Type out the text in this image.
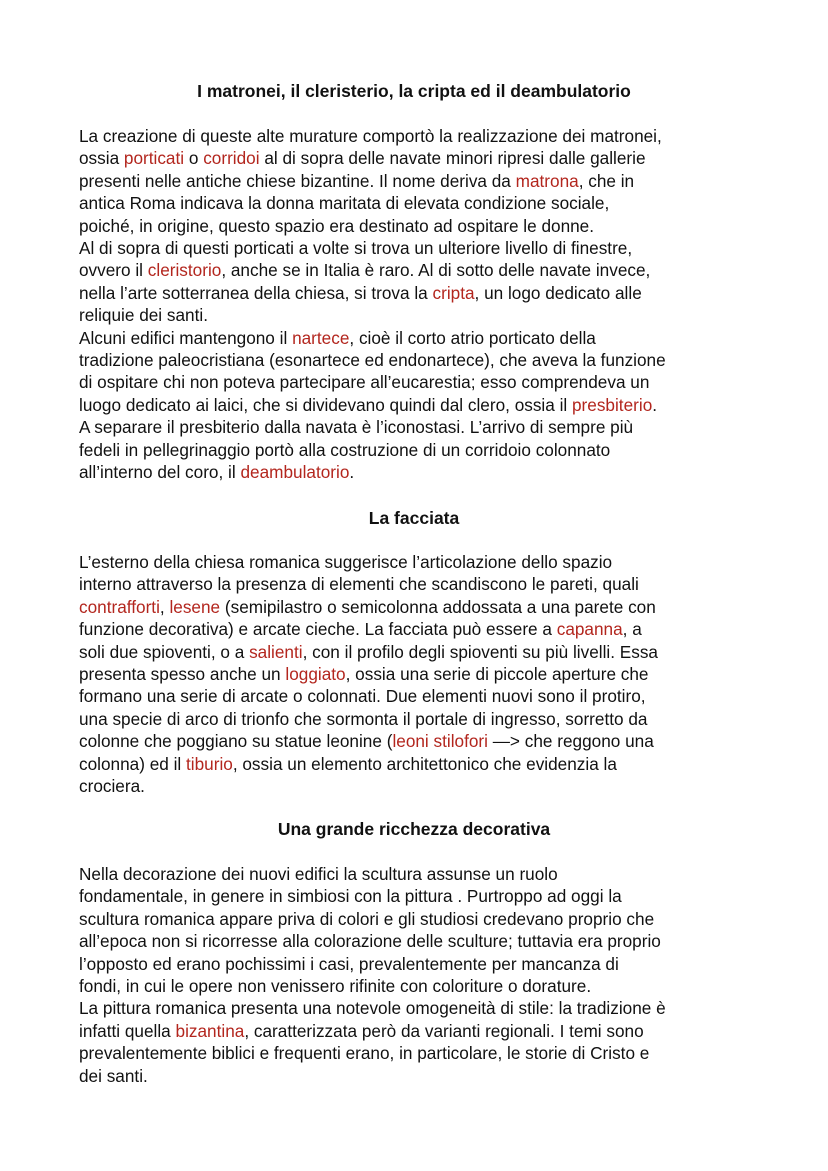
I matronei, il cleristerio, la cripta ed il deambulatorio
La creazione di queste alte murature comportò la realizzazione dei matronei,
ossia porticati o corridoi al di sopra delle navate minori ripresi dalle gallerie
presenti nelle antiche chiese bizantine. Il nome deriva da matrona, che in
antica Roma indicava la donna maritata di elevata condizione sociale,
poiché, in origine, questo spazio era destinato ad ospitare le donne.
Al di sopra di questi porticati a volte si trova un ulteriore livello di finestre,
ovvero il cleristorio, anche se in Italia è raro. Al di sotto delle navate invece,
nella l’arte sotterranea della chiesa, si trova la cripta, un logo dedicato alle
reliquie dei santi.
Alcuni edifici mantengono il nartece, cioè il corto atrio porticato della
tradizione paleocristiana (esonartece ed endonartece), che aveva la funzione
di ospitare chi non poteva partecipare all’eucarestia; esso comprendeva un
luogo dedicato ai laici, che si dividevano quindi dal clero, ossia il presbiterio.
A separare il presbiterio dalla navata è l’iconostasi. L’arrivo di sempre più
fedeli in pellegrinaggio portò alla costruzione di un corridoio colonnato
all’interno del coro, il deambulatorio.
La facciata
L’esterno della chiesa romanica suggerisce l’articolazione dello spazio
interno attraverso la presenza di elementi che scandiscono le pareti, quali
contrafforti, lesene (semipilastro o semicolonna addossata a una parete con
funzione decorativa) e arcate cieche. La facciata può essere a capanna, a
soli due spioventi, o a salienti, con il profilo degli spioventi su più livelli. Essa
presenta spesso anche un loggiato, ossia una serie di piccole aperture che
formano una serie di arcate o colonnati. Due elementi nuovi sono il protiro,
una specie di arco di trionfo che sormonta il portale di ingresso, sorretto da
colonne che poggiano su statue leonine (leoni stilofori —> che reggono una
colonna) ed il tiburio, ossia un elemento architettonico che evidenzia la
crociera.
Una grande ricchezza decorativa
Nella decorazione dei nuovi edifici la scultura assunse un ruolo
fondamentale, in genere in simbiosi con la pittura . Purtroppo ad oggi la
scultura romanica appare priva di colori e gli studiosi credevano proprio che
all’epoca non si ricorresse alla colorazione delle sculture; tuttavia era proprio
l’opposto ed erano pochissimi i casi, prevalentemente per mancanza di
fondi, in cui le opere non venissero rifinite con coloriture o dorature.
La pittura romanica presenta una notevole omogeneità di stile: la tradizione è
infatti quella bizantina, caratterizzata però da varianti regionali. I temi sono
prevalentemente biblici e frequenti erano, in particolare, le storie di Cristo e
dei santi.
